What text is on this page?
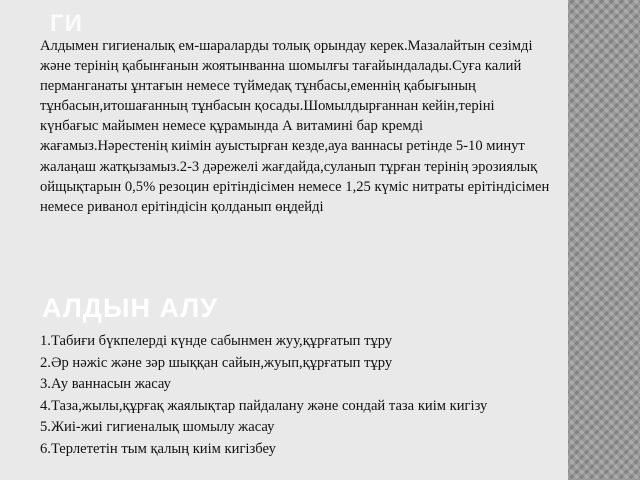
ГИ

Алдымен гигиеналық ем-шараларды толық орындау керек.Мазалайтын сезімді және терінің қабынғанын жоятынванна шомылғы тағайындалады.Суға калий перманганаты ұнтағын немесе түймедақ тұнбасы,еменнің қабығының тұнбасын,итошағанның тұнбасын қосады.Шомылдырғаннан кейін,теріні күнбағыс майымен немесе құрамында А витамині бар кремді жағамыз.Нәрестенің киімін ауыстырған кезде,ауа ваннасы ретінде 5-10 минут жалаңаш жатқызамыз.2-3 дәрежелі жағдайда,суланып тұрған терінің эрозиялық ойщықтарын 0,5% резоцин ерітіндісімен немесе 1,25 күміс нитраты ерітіндісімен немесе риванол ерітіндісін қолданып өңдейді

АЛДЫН АЛУ
1.Табиғи бүкпелерді күнде сабынмен жуу,құрғатып тұру
2.Әр нәжіс және зәр шыққан сайын,жуып,құрғатып тұру
3.Ау ваннасын жасау
4.Таза,жылы,құрғақ жаялықтар пайдалану және сондай таза киім кигізу
5.Жиі-жиі гигиеналық шомылу жасау
6.Терлететін тым қалың киім кигізбеу
